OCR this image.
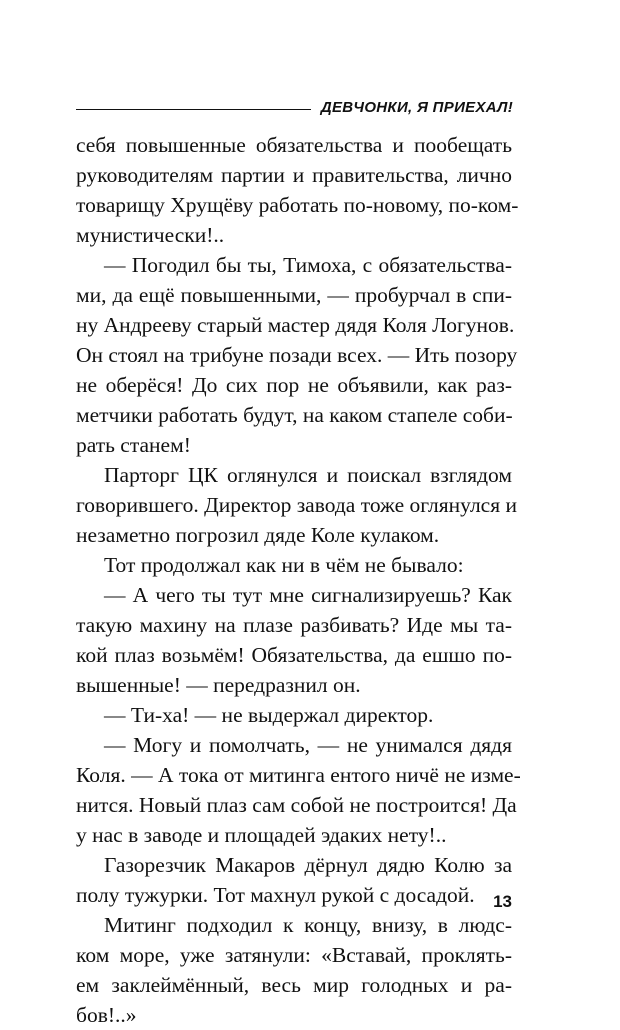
ДЕВЧОНКИ, Я ПРИЕХАЛ!
себя повышенные обязательства и пообещать
руководителям партии и правительства, лично
товарищу Хрущёву работать по-новому, по-ком-
мунистически!..
— Погодил бы ты, Тимоха, с обязательства-
ми, да ещё повышенными, — пробурчал в спи-
ну Андрееву старый мастер дядя Коля Логунов.
Он стоял на трибуне позади всех. — Ить позору
не оберёся! До сих пор не объявили, как раз-
метчики работать будут, на каком стапеле соби-
рать станем!
Парторг ЦК оглянулся и поискал взглядом
говорившего. Директор завода тоже оглянулся и
незаметно погрозил дяде Коле кулаком.
Тот продолжал как ни в чём не бывало:
— А чего ты тут мне сигнализируешь? Как
такую махину на плазе разбивать? Иде мы та-
кой плаз возьмём! Обязательства, да ешшо по-
вышенные! — передразнил он.
— Ти-ха! — не выдержал директор.
— Могу и помолчать, — не унимался дядя
Коля. — А тока от митинга ентого ничё не изме-
нится. Новый плаз сам собой не построится! Да
у нас в заводе и площадей эдаких нету!..
Газорезчик Макаров дёрнул дядю Колю за
полу тужурки. Тот махнул рукой с досадой.
Митинг подходил к концу, внизу, в людс-
ком море, уже затянули: «Вставай, проклять-
ем заклеймённый, весь мир голодных и ра-
бов!..»
13
